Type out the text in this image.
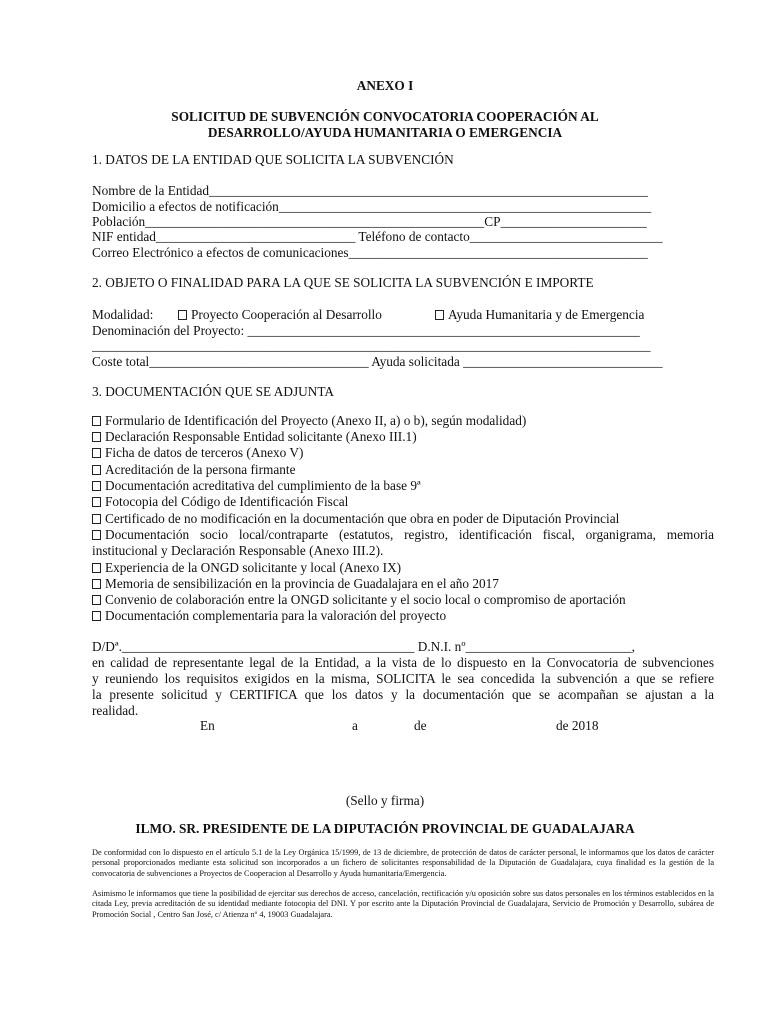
ANEXO I
SOLICITUD DE SUBVENCIÓN CONVOCATORIA COOPERACIÓN AL
DESARROLLO/AYUDA HUMANITARIA O EMERGENCIA
1. DATOS DE LA ENTIDAD QUE SOLICITA LA SUBVENCIÓN
Nombre de la Entidad__________________________________________________________________
Domicilio a efectos de notificación________________________________________________________
Población___________________________________________________CP______________________
NIF entidad______________________________ Teléfono de contacto_____________________________
Correo Electrónico a efectos de comunicaciones_____________________________________________
2. OBJETO O FINALIDAD PARA LA QUE SE SOLICITA LA SUBVENCIÓN E IMPORTE
Modalidad:	Proyecto Cooperación al Desarrollo	Ayuda Humanitaria y de Emergencia
Denominación del Proyecto: ___________________________________________________________
____________________________________________________________________________________
Coste total_________________________________ Ayuda solicitada ______________________________
3. DOCUMENTACIÓN QUE SE ADJUNTA
Formulario de Identificación del Proyecto (Anexo II, a) o b), según modalidad)
Declaración Responsable Entidad solicitante (Anexo III.1)
Ficha de datos de terceros (Anexo V)
Acreditación de la persona firmante
Documentación acreditativa del cumplimiento de la base 9ª
Fotocopia del Código de Identificación Fiscal
Certificado de no modificación en la documentación que obra en poder de Diputación Provincial
Documentación socio local/contraparte (estatutos, registro, identificación fiscal, organigrama, memoria
institucional y Declaración Responsable (Anexo III.2).
Experiencia de la ONGD solicitante y local (Anexo IX)
Memoria de sensibilización en la provincia de Guadalajara en el año 2017
Convenio de colaboración entre la ONGD solicitante y el socio local o compromiso de aportación
Documentación complementaria para la valoración del proyecto
D/Dª.____________________________________________ D.N.I. nº_________________________,
en calidad de representante legal de la Entidad, a la vista de lo dispuesto en la Convocatoria de subvenciones
y reuniendo los requisitos exigidos en la misma, SOLICITA le sea concedida la subvención a que se refiere
la presente solicitud y CERTIFICA que los datos y la documentación que se acompañan se ajustan a la
realidad.
En	a	de	de 2018
(Sello y firma)
ILMO. SR. PRESIDENTE DE LA DIPUTACIÓN PROVINCIAL DE GUADALAJARA
De conformidad con lo dispuesto en el artículo 5.1 de la Ley Orgánica 15/1999, de 13 de diciembre, de protección de datos de carácter personal, le informamos que los datos de carácter personal proporcionados mediante esta solicitud son incorporados a un fichero de solicitantes responsabilidad de la Diputación de Guadalajara, cuya finalidad es la gestión de la convocatoria de subvenciones a Proyectos de Cooperacion al Desarrollo y Ayuda humanitaria/Emergencia.
Asimismo le informamos que tiene la posibilidad de ejercitar sus derechos de acceso, cancelación, rectificación y/u oposición sobre sus datos personales en los términos establecidos en la citada Ley, previa acreditación de su identidad mediante fotocopia del DNI. Y por escrito ante la Diputación Provincial de Guadalajara, Servicio de Promoción y Desarrollo, subárea de Promoción Social , Centro San José, c/ Atienza nº 4, 19003 Guadalajara.
